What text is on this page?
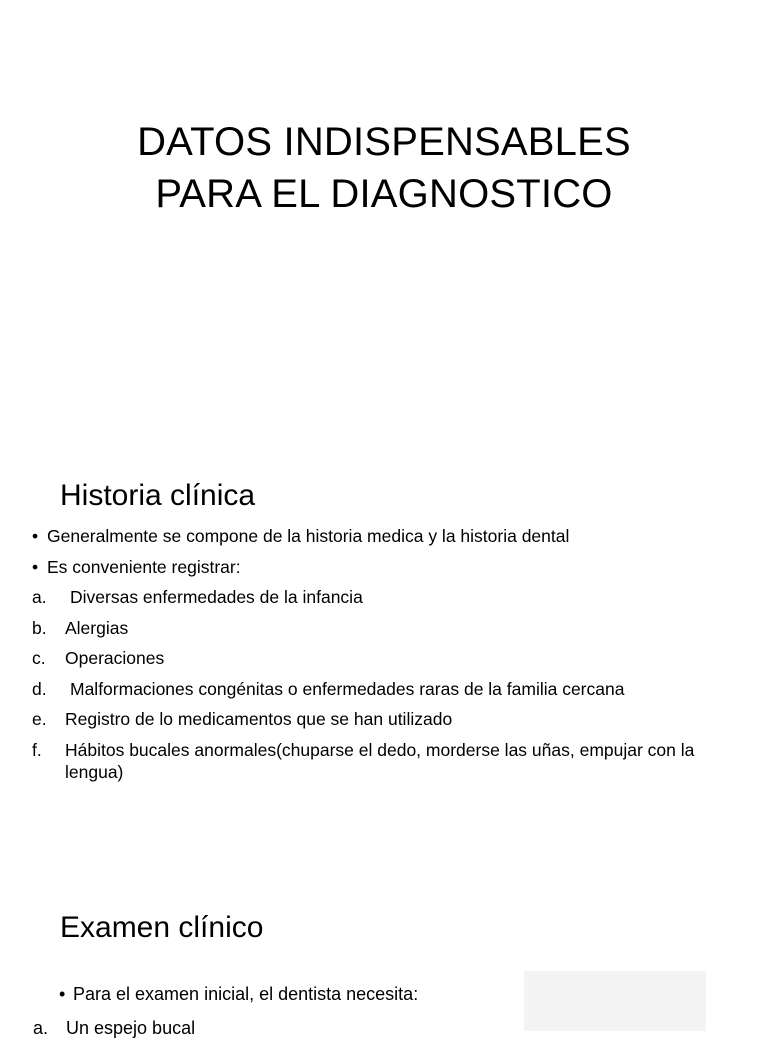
DATOS INDISPENSABLES
PARA EL DIAGNOSTICO
Historia clínica
• Generalmente se compone de la historia medica y la historia dental
• Es conveniente registrar:
a.	Diversas enfermedades de la infancia
b.	Alergias
c.	Operaciones
d.	Malformaciones congénitas o enfermedades raras de la familia cercana
e.	Registro de lo medicamentos que se han utilizado
f.	Hábitos bucales anormales(chuparse el dedo, morderse las uñas, empujar con la lengua)
Examen clínico
• Para el examen inicial, el dentista necesita:
a. Un espejo bucal
